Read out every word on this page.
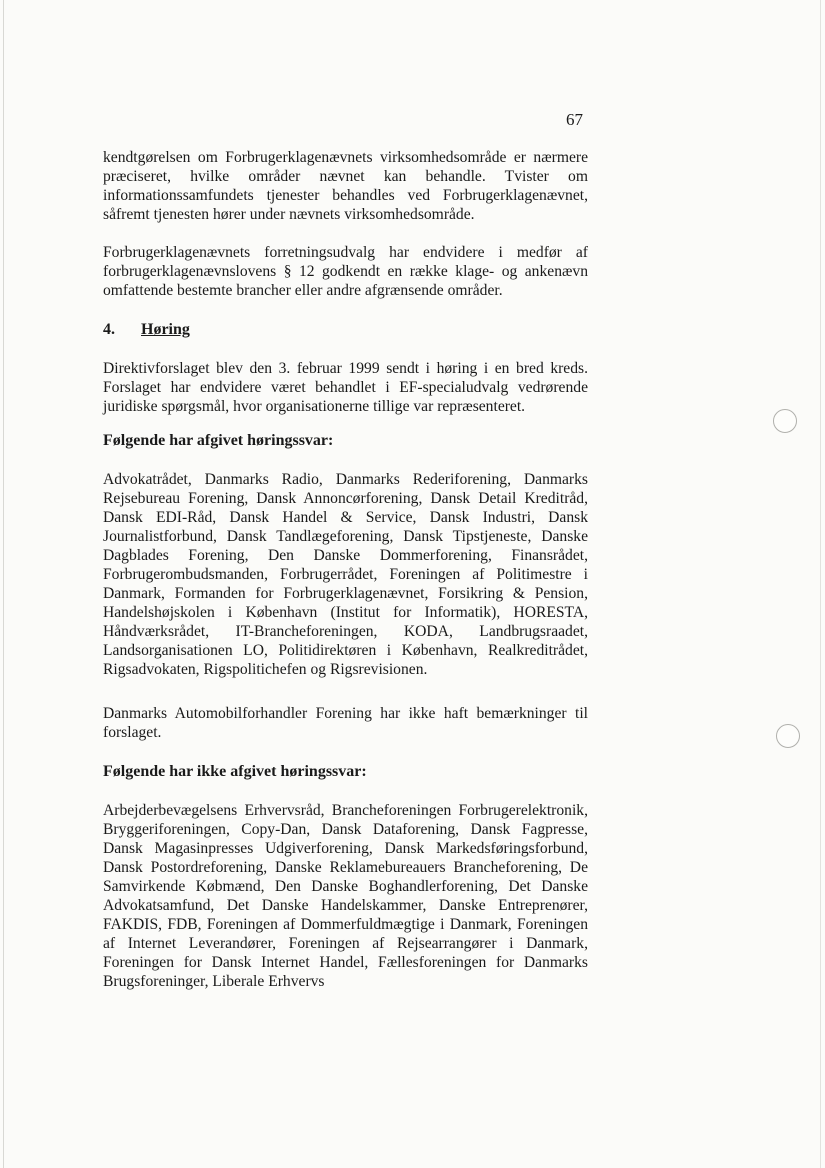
67

kendtgørelsen om Forbrugerklagenævnets virksomhedsområde er nærmere præciseret, hvilke områder nævnet kan behandle. Tvister om informationssamfundets tjenester behandles ved Forbrugerklagenævnet, såfremt tjenesten hører under nævnets virksomhedsområde.

Forbrugerklagenævnets forretningsudvalg har endvidere i medfør af forbrugerklagenævnslovens § 12 godkendt en række klage- og ankenævn omfattende bestemte brancher eller andre afgrænsende områder.

4. Høring

Direktivforslaget blev den 3. februar 1999 sendt i høring i en bred kreds. Forslaget har endvidere været behandlet i EF-specialudvalg vedrørende juridiske spørgsmål, hvor organisationerne tillige var repræsenteret.

Følgende har afgivet høringssvar:

Advokatrådet, Danmarks Radio, Danmarks Rederiforening, Danmarks Rejsebureau Forening, Dansk Annoncørforening, Dansk Detail Kreditråd, Dansk EDI-Råd, Dansk Handel & Service, Dansk Industri, Dansk Journalistforbund, Dansk Tandlægeforening, Dansk Tipstjeneste, Danske Dagblades Forening, Den Danske Dommerforening, Finansrådet, Forbrugerombudsmanden, Forbrugerrådet, Foreningen af Politimestre i Danmark, Formanden for Forbrugerklagenævnet, Forsikring & Pension, Handelshøjskolen i København (Institut for Informatik), HORESTA, Håndværksrådet, IT-Brancheforeningen, KODA, Landbrugsraadet, Landsorganisationen LO, Politidirektøren i København, Realkreditrådet, Rigsadvokaten, Rigspolitichefen og Rigsrevisionen.

Danmarks Automobilforhandler Forening har ikke haft bemærkninger til forslaget.

Følgende har ikke afgivet høringssvar:

Arbejderbevægelsens Erhvervsråd, Brancheforeningen Forbrugerelektronik, Bryggeriforeningen, Copy-Dan, Dansk Dataforening, Dansk Fagpresse, Dansk Magasinpresses Udgiverforening, Dansk Markedsføringsforbund, Dansk Postordreforening, Danske Reklamebureauers Brancheforening, De Samvirkende Købmænd, Den Danske Boghandlerforening, Det Danske Advokatsamfund, Det Danske Handelskammer, Danske Entreprenører, FAKDIS, FDB, Foreningen af Dommerfuldmægtige i Danmark, Foreningen af Internet Leverandører, Foreningen af Rejsearrangører i Danmark, Foreningen for Dansk Internet Handel, Fællesforeningen for Danmarks Brugsforeninger, Liberale Erhvervs
